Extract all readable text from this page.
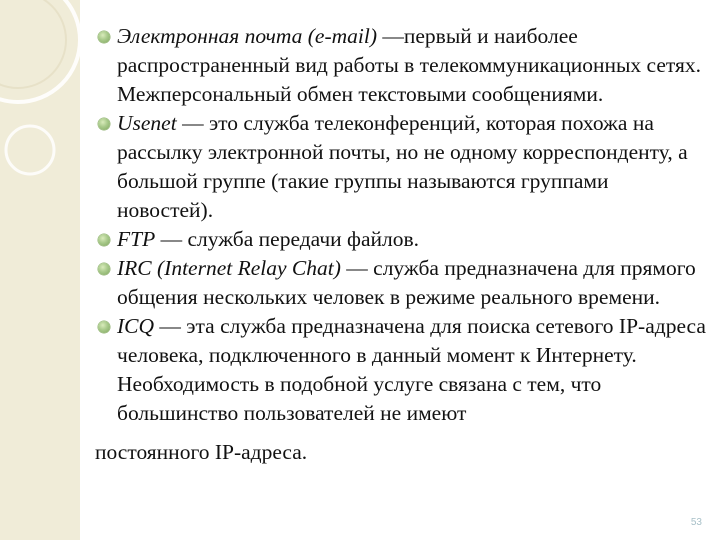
Электронная почта (e-mail) —первый и наиболее распространенный вид работы в телекоммуникационных сетях. Межперсональный обмен текстовыми сообщениями.
Usenet — это служба телеконференций, которая похожа на рассылку электронной почты, но не одному корреспонденту, а большой группе (такие группы называются группами новостей).
FTP — служба передачи файлов.
IRC (Internet Relay Chat) — служба предназначена для прямого общения нескольких человек в режиме реального времени.
ICQ — эта служба предназначена для поиска сетевого IP-адреса человека, подключенного в данный момент к Интернету. Необходимость в подобной услуге связана с тем, что большинство пользователей не имеют
постоянного IP-адреса.
53
